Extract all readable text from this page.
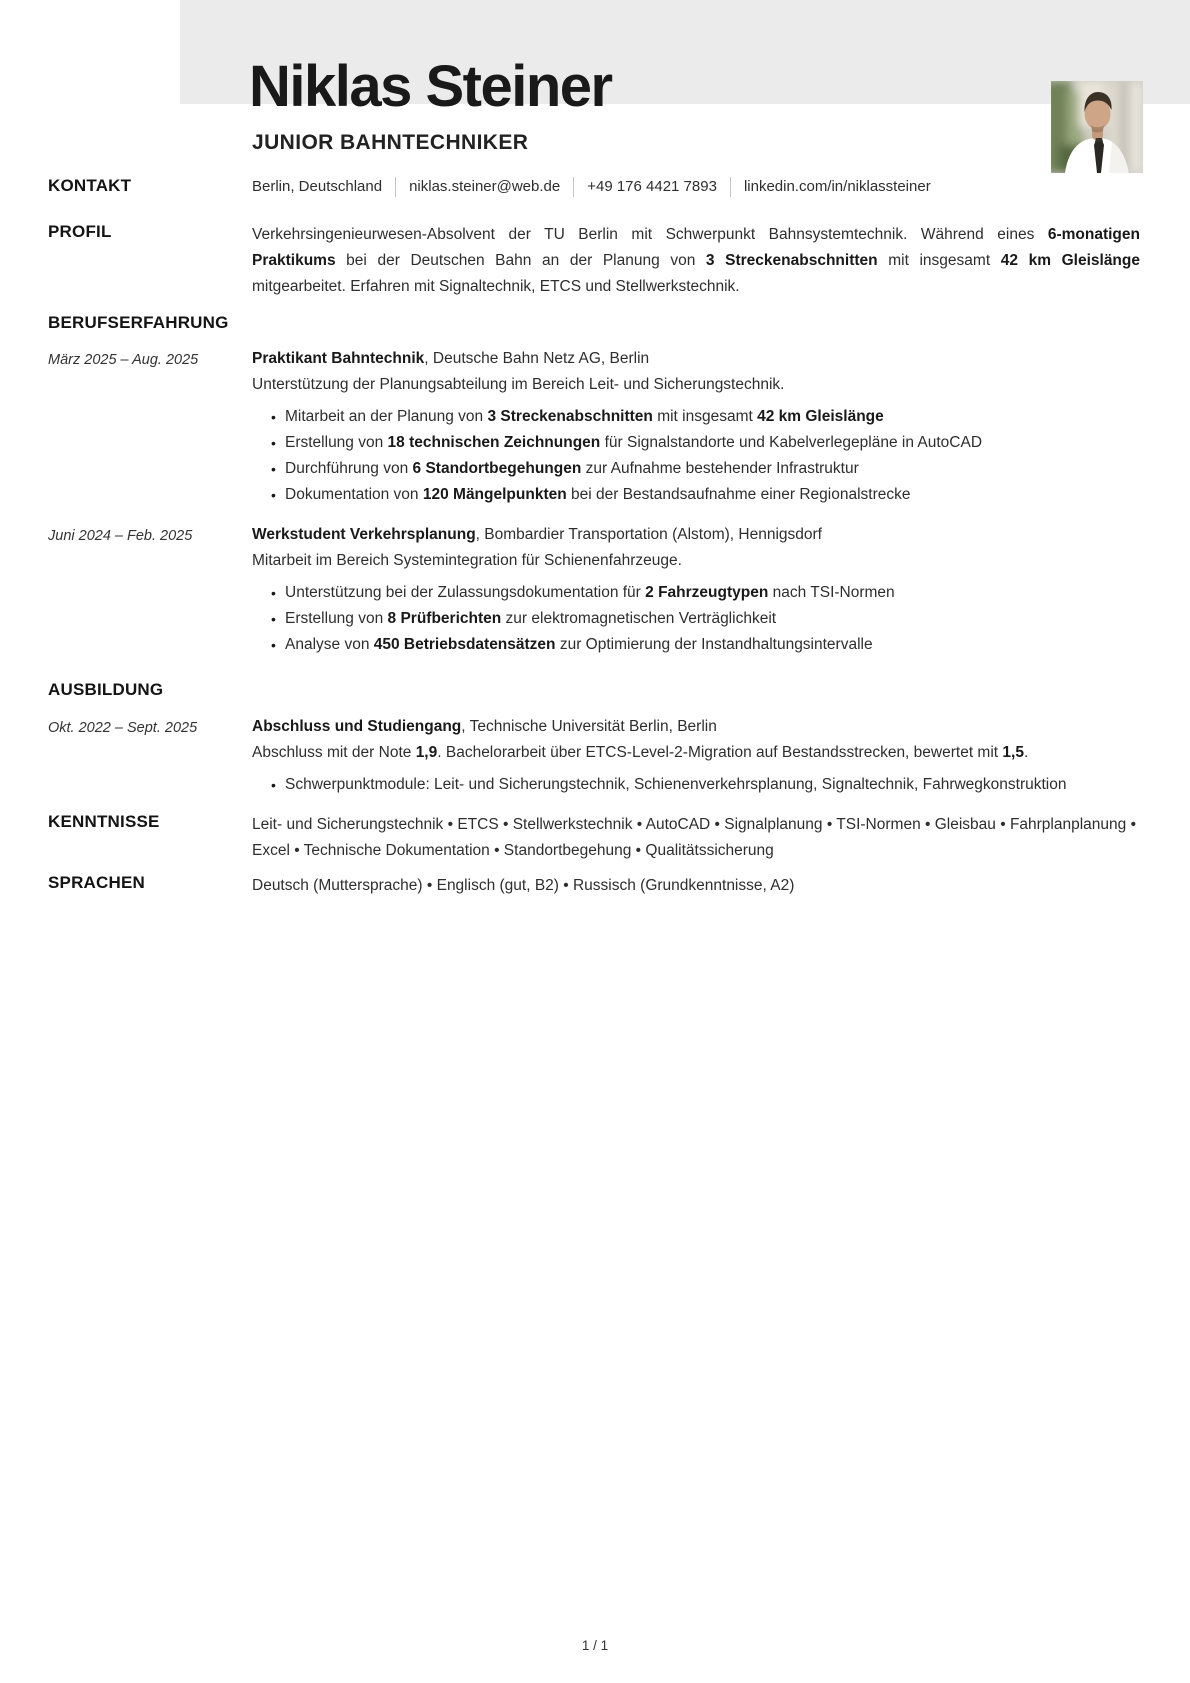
Niklas Steiner
JUNIOR BAHNTECHNIKER
KONTAKT	Berlin, Deutschland niklas.steiner@web.de +49 176 4421 7893 linkedin.com/in/niklassteiner
PROFIL	Verkehrsingenieurwesen-Absolvent der TU Berlin mit Schwerpunkt Bahnsystemtechnik. Während eines 6-monatigen Praktikums bei der Deutschen Bahn an der Planung von 3 Streckenabschnitten mit insgesamt 42 km Gleislänge mitgearbeitet. Erfahren mit Signaltechnik, ETCS und Stellwerkstechnik.
BERUFSERFAHRUNG
März 2025 – Aug. 2025	Praktikant Bahntechnik, Deutsche Bahn Netz AG, Berlin
Unterstützung der Planungsabteilung im Bereich Leit- und Sicherungstechnik.
• Mitarbeit an der Planung von 3 Streckenabschnitten mit insgesamt 42 km Gleislänge
• Erstellung von 18 technischen Zeichnungen für Signalstandorte und Kabelverlegepläne in AutoCAD
• Durchführung von 6 Standortbegehungen zur Aufnahme bestehender Infrastruktur
• Dokumentation von 120 Mängelpunkten bei der Bestandsaufnahme einer Regionalstrecke
Juni 2024 – Feb. 2025	Werkstudent Verkehrsplanung, Bombardier Transportation (Alstom), Hennigsdorf
Mitarbeit im Bereich Systemintegration für Schienenfahrzeuge.
• Unterstützung bei der Zulassungsdokumentation für 2 Fahrzeugtypen nach TSI-Normen
• Erstellung von 8 Prüfberichten zur elektromagnetischen Verträglichkeit
• Analyse von 450 Betriebsdatensätzen zur Optimierung der Instandhaltungsintervalle
AUSBILDUNG
Okt. 2022 – Sept. 2025	Abschluss und Studiengang, Technische Universität Berlin, Berlin
Abschluss mit der Note 1,9. Bachelorarbeit über ETCS-Level-2-Migration auf Bestandsstrecken, bewertet mit 1,5.
• Schwerpunktmodule: Leit- und Sicherungstechnik, Schienenverkehrsplanung, Signaltechnik, Fahrwegkonstruktion
KENNTNISSE	Leit- und Sicherungstechnik • ETCS • Stellwerkstechnik • AutoCAD • Signalplanung • TSI-Normen • Gleisbau • Fahrplanplanung • Excel • Technische Dokumentation • Standortbegehung • Qualitätssicherung
SPRACHEN	Deutsch (Muttersprache) • Englisch (gut, B2) • Russisch (Grundkenntnisse, A2)
1 / 1
